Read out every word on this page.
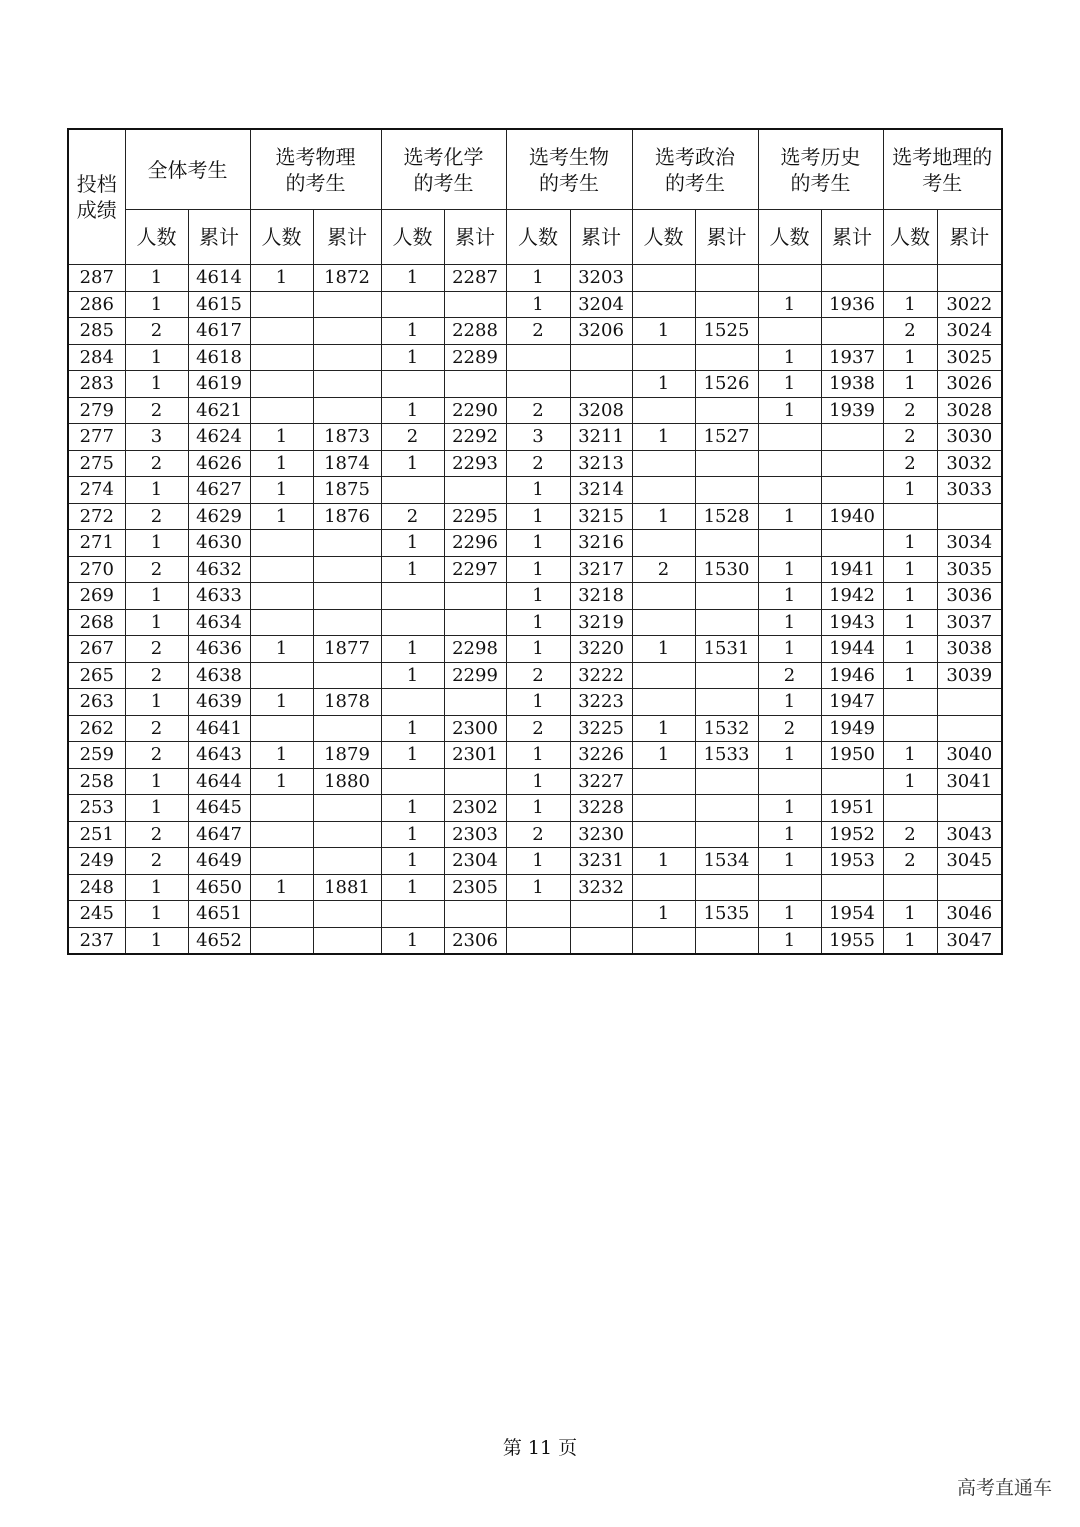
投档成绩	全体考生		选考物理的考生		选考化学的考生		选考生物的考生		选考政治的考生		选考历史的考生		选考地理的考生	
	人数	累计	人数	累计	人数	累计	人数	累计	人数	累计	人数	累计	人数	累计
287	1	4614	1	1872	1	2287	1	3203						
286	1	4615					1	3204			1	1936	1	3022
285	2	4617			1	2288	2	3206	1	1525			2	3024
284	1	4618			1	2289					1	1937	1	3025
283	1	4619							1	1526	1	1938	1	3026
279	2	4621			1	2290	2	3208			1	1939	2	3028
277	3	4624	1	1873	2	2292	3	3211	1	1527			2	3030
275	2	4626	1	1874	1	2293	2	3213					2	3032
274	1	4627	1	1875			1	3214					1	3033
272	2	4629	1	1876	2	2295	1	3215	1	1528	1	1940		
271	1	4630			1	2296	1	3216					1	3034
270	2	4632			1	2297	1	3217	2	1530	1	1941	1	3035
269	1	4633					1	3218			1	1942	1	3036
268	1	4634					1	3219			1	1943	1	3037
267	2	4636	1	1877	1	2298	1	3220	1	1531	1	1944	1	3038
265	2	4638			1	2299	2	3222			2	1946	1	3039
263	1	4639	1	1878			1	3223			1	1947		
262	2	4641			1	2300	2	3225	1	1532	2	1949		
259	2	4643	1	1879	1	2301	1	3226	1	1533	1	1950	1	3040
258	1	4644	1	1880			1	3227					1	3041
253	1	4645			1	2302	1	3228			1	1951		
251	2	4647			1	2303	2	3230			1	1952	2	3043
249	2	4649			1	2304	1	3231	1	1534	1	1953	2	3045
248	1	4650	1	1881	1	2305	1	3232						
245	1	4651							1	1535	1	1954	1	3046
237	1	4652			1	2306					1	1955	1	3047
第 11 页
高考直通车
